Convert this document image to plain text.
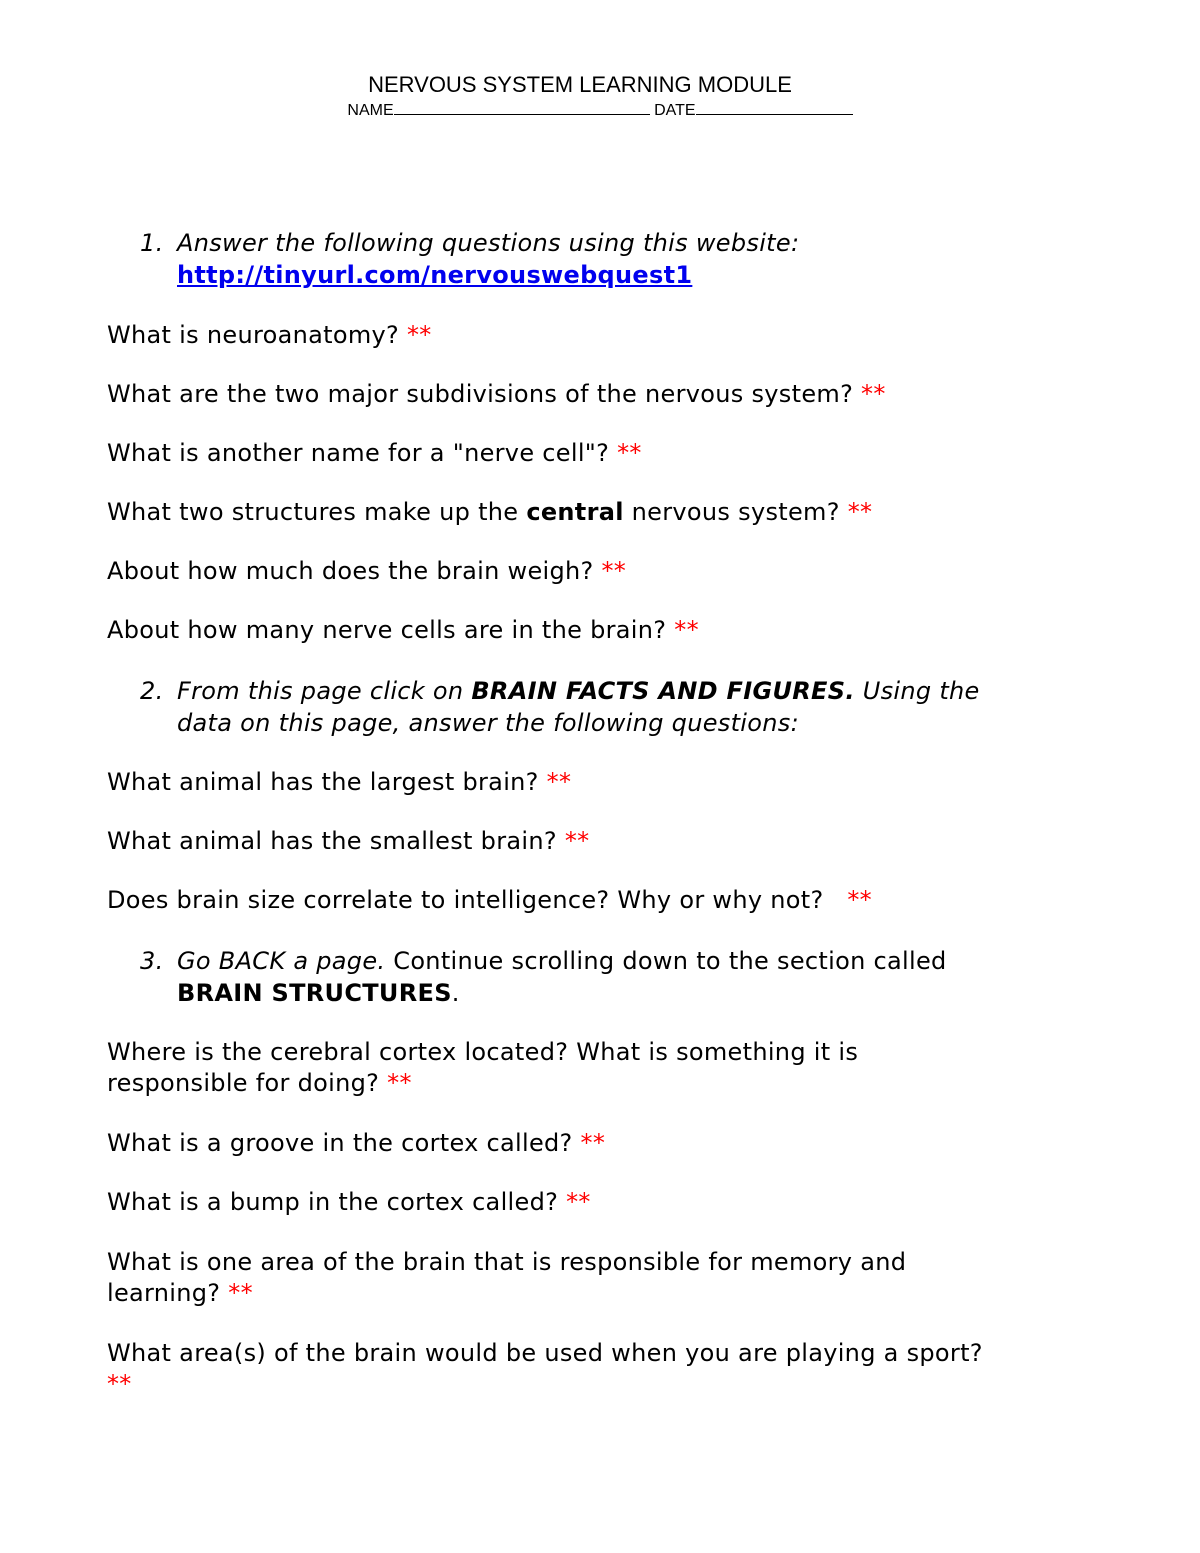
NERVOUS SYSTEM LEARNING MODULE
NAME	DATE
1. Answer the following questions using this website:
http://tinyurl.com/nervouswebquest1
What is neuroanatomy? **
What are the two major subdivisions of the nervous system? **
What is another name for a "nerve cell"? **
What two structures make up the central nervous system? **
About how much does the brain weigh? **
About how many nerve cells are in the brain? **
2. From this page click on BRAIN FACTS AND FIGURES. Using the
data on this page, answer the following questions:
What animal has the largest brain? **
What animal has the smallest brain? **
Does brain size correlate to intelligence? Why or why not? **
3. Go BACK a page. Continue scrolling down to the section called
BRAIN STRUCTURES.
Where is the cerebral cortex located? What is something it is
responsible for doing? **
What is a groove in the cortex called? **
What is a bump in the cortex called? **
What is one area of the brain that is responsible for memory and
learning? **
What area(s) of the brain would be used when you are playing a sport?
**
